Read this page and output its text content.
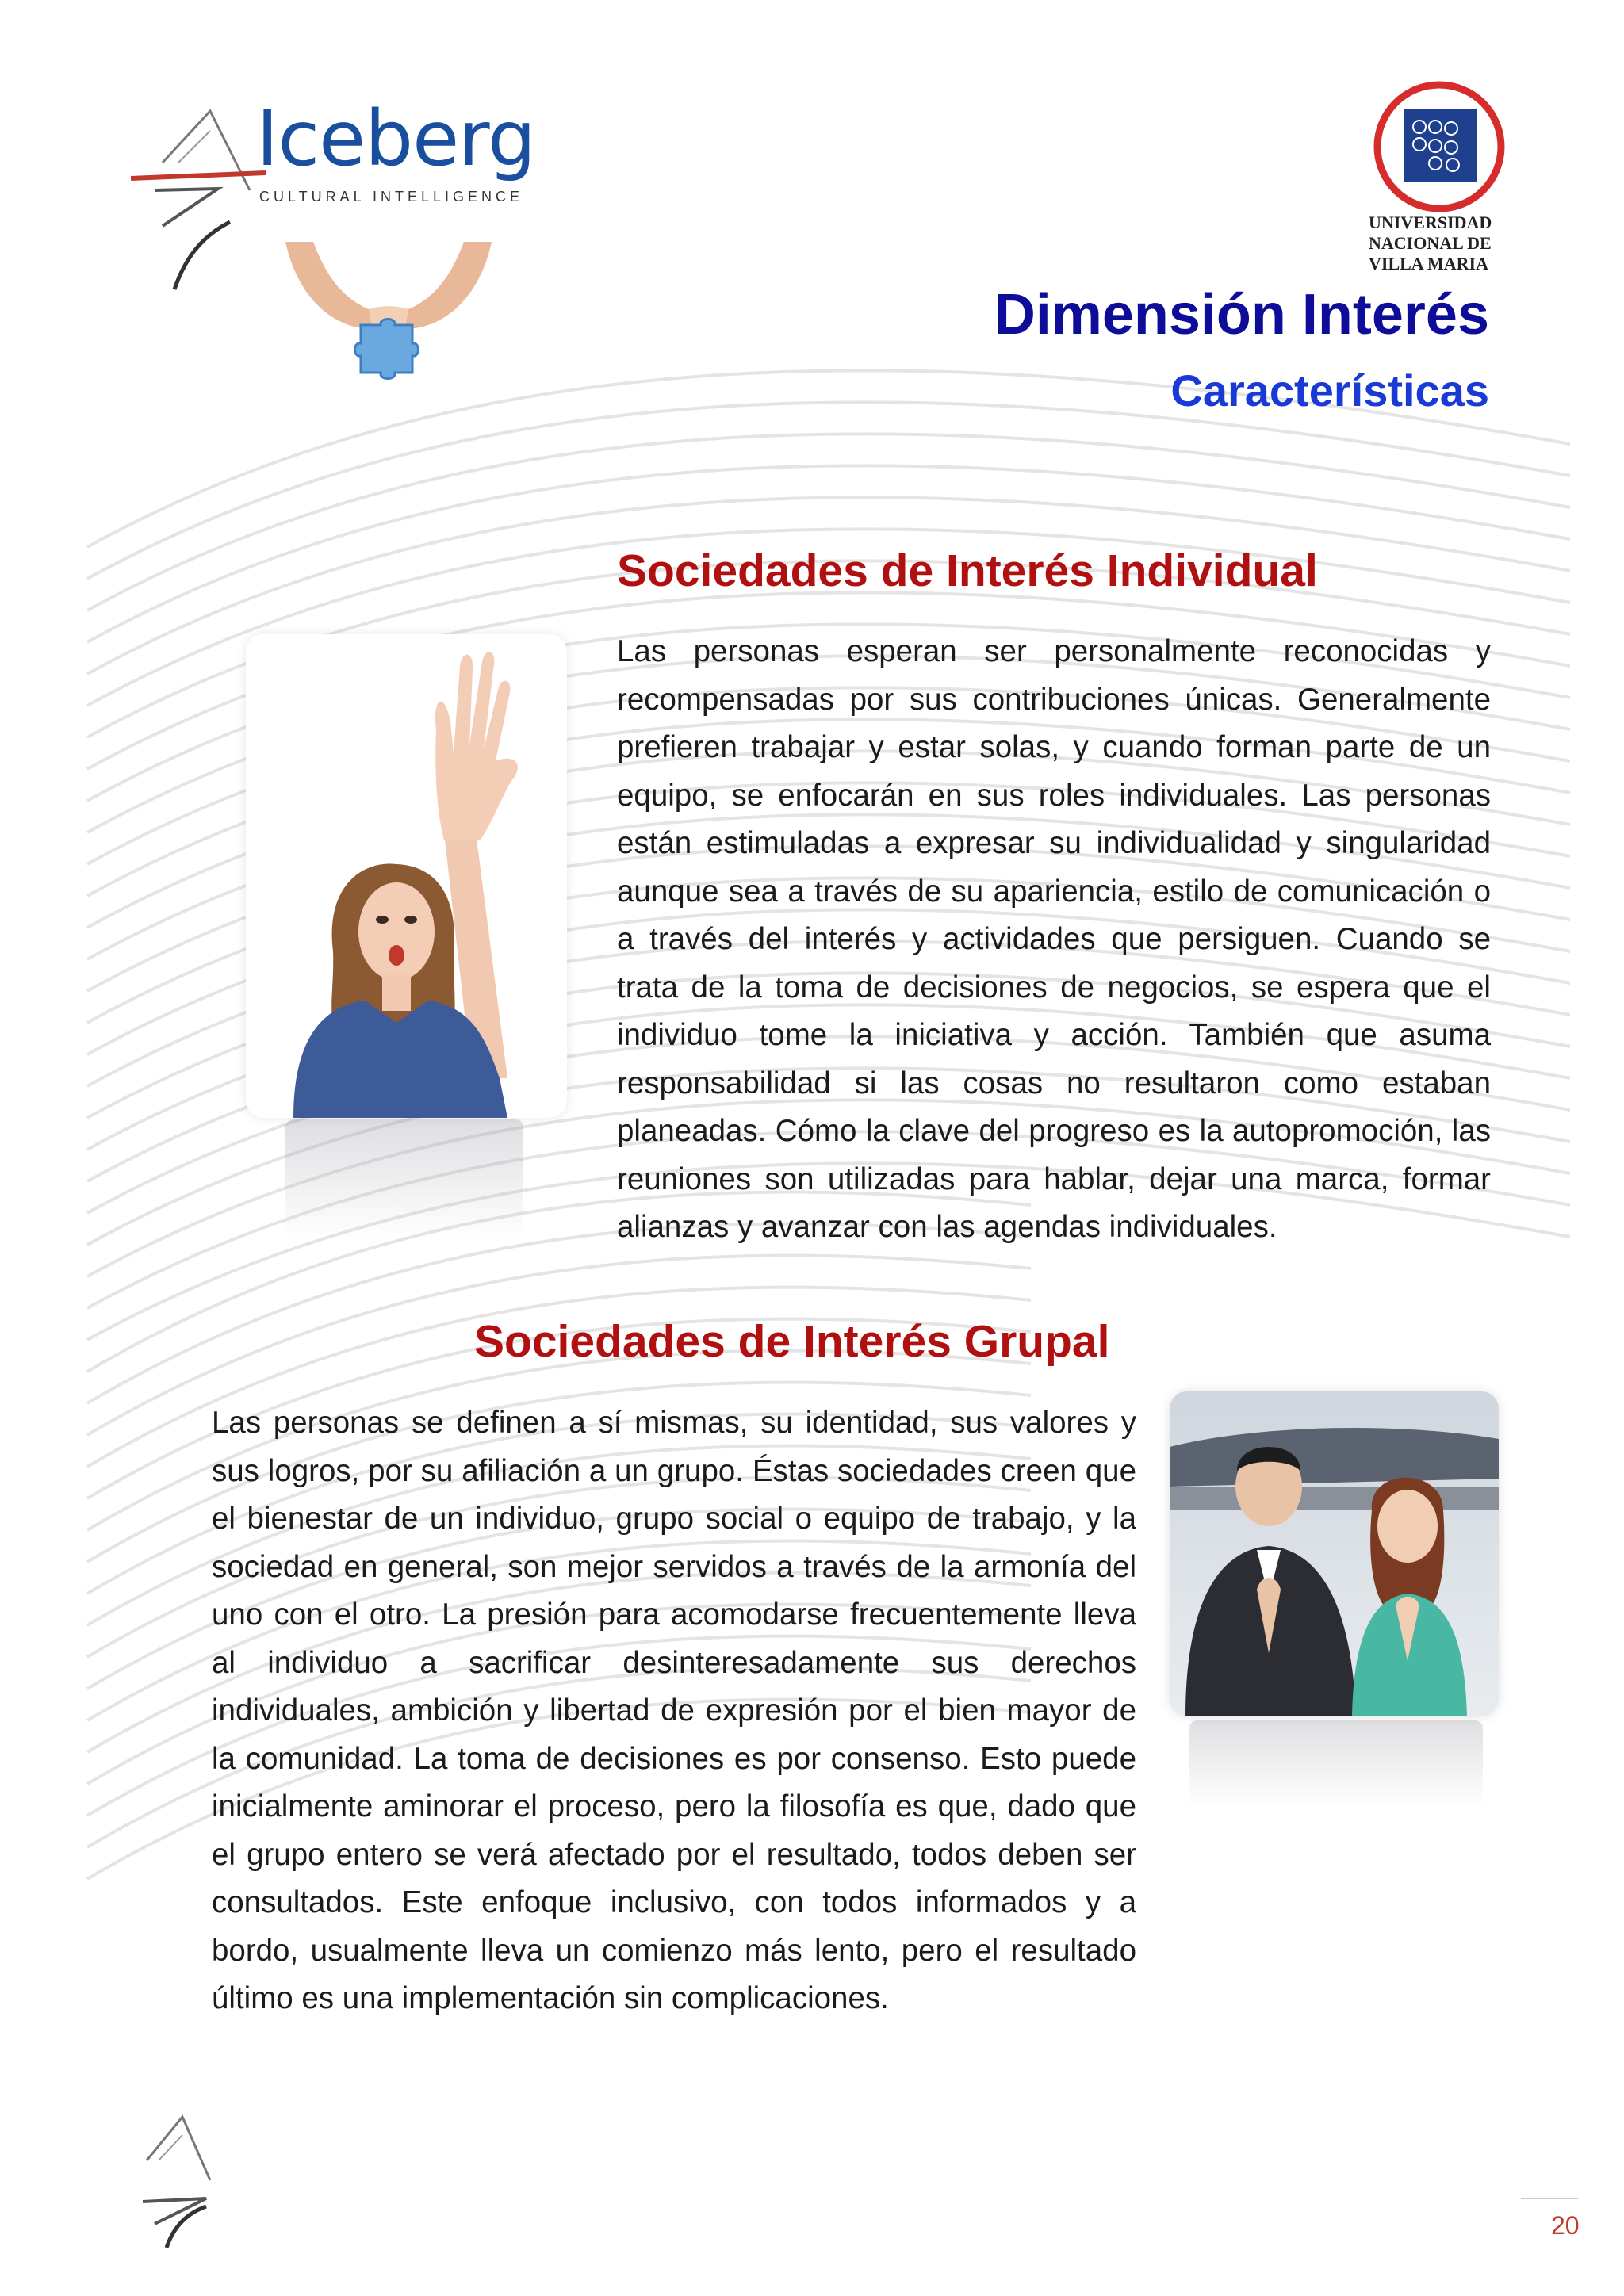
Iceberg
CULTURAL INTELLIGENCE
UNIVERSIDAD
NACIONAL DE
VILLA MARIA
Dimensión Interés
Características
Sociedades de Interés Individual
Las personas esperan ser personalmente reconocidas y recompensadas por sus contribuciones únicas. Generalmente prefieren trabajar y estar solas, y cuando forman parte de un equipo, se enfocarán en sus roles individuales. Las personas están estimuladas a expresar su individualidad y singularidad aunque sea a través de su apariencia, estilo de comunicación o a través del interés y actividades que persiguen. Cuando se trata de la toma de decisiones de negocios, se espera que el individuo tome la iniciativa y acción. También que asuma responsabilidad si las cosas no resultaron como estaban planeadas. Cómo la clave del progreso es la autopromoción, las reuniones son utilizadas para hablar, dejar una marca, formar alianzas y avanzar con las agendas individuales.
Sociedades de Interés Grupal
Las personas se definen a sí mismas, su identidad, sus valores y sus logros, por su afiliación a un grupo. Éstas sociedades creen que el bienestar de un individuo, grupo social o equipo de trabajo, y la sociedad en general, son mejor servidos a través de la armonía del uno con el otro. La presión para acomodarse frecuentemente lleva al individuo a sacrificar desinteresadamente sus derechos individuales, ambición y libertad de expresión por el bien mayor de la comunidad. La toma de decisiones es por consenso. Esto puede inicialmente aminorar el proceso, pero la filosofía es que, dado que el grupo entero se verá afectado por el resultado, todos deben ser consultados. Este enfoque inclusivo, con todos informados y a bordo, usualmente lleva un comienzo más lento, pero el resultado último es una implementación sin complicaciones.
20
